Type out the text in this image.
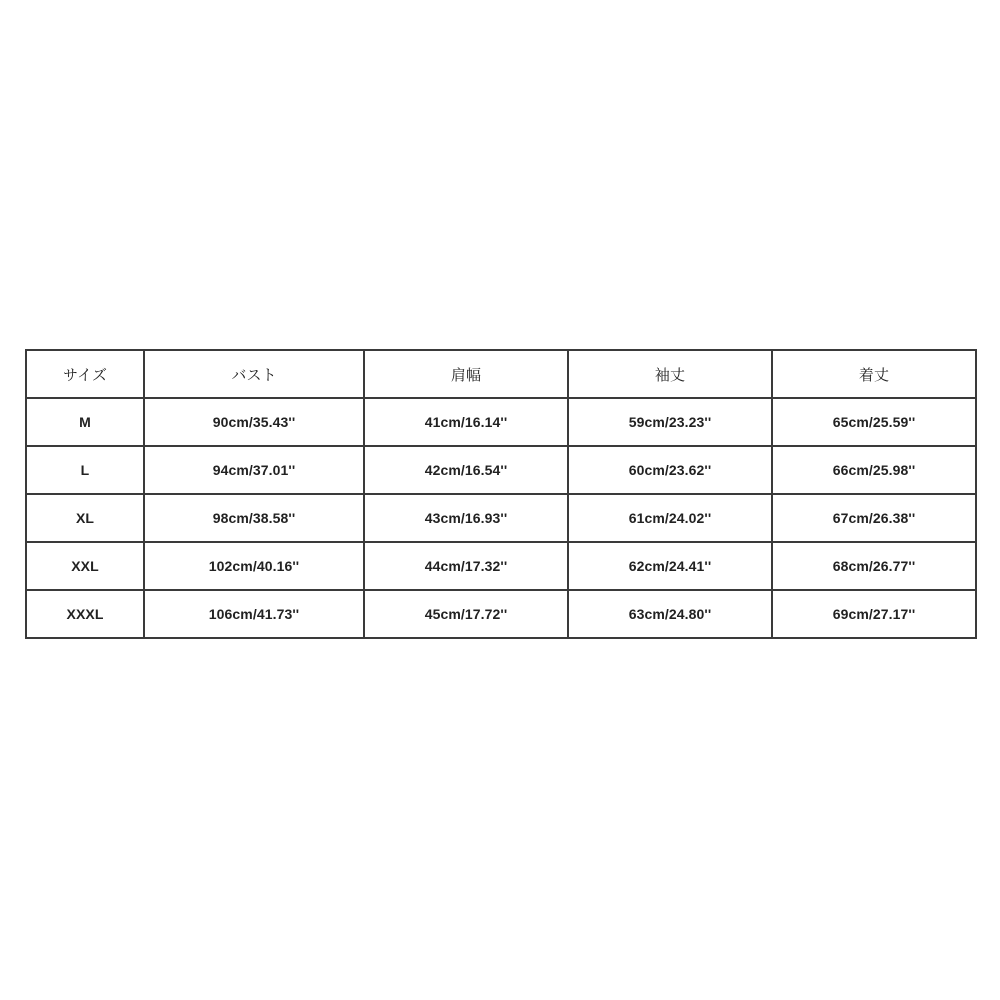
サイズ	バスト	肩幅	袖丈	着丈
M	90cm/35.43''	41cm/16.14''	59cm/23.23''	65cm/25.59''
L	94cm/37.01''	42cm/16.54''	60cm/23.62''	66cm/25.98''
XL	98cm/38.58''	43cm/16.93''	61cm/24.02''	67cm/26.38''
XXL	102cm/40.16''	44cm/17.32''	62cm/24.41''	68cm/26.77''
XXXL	106cm/41.73''	45cm/17.72''	63cm/24.80''	69cm/27.17''
